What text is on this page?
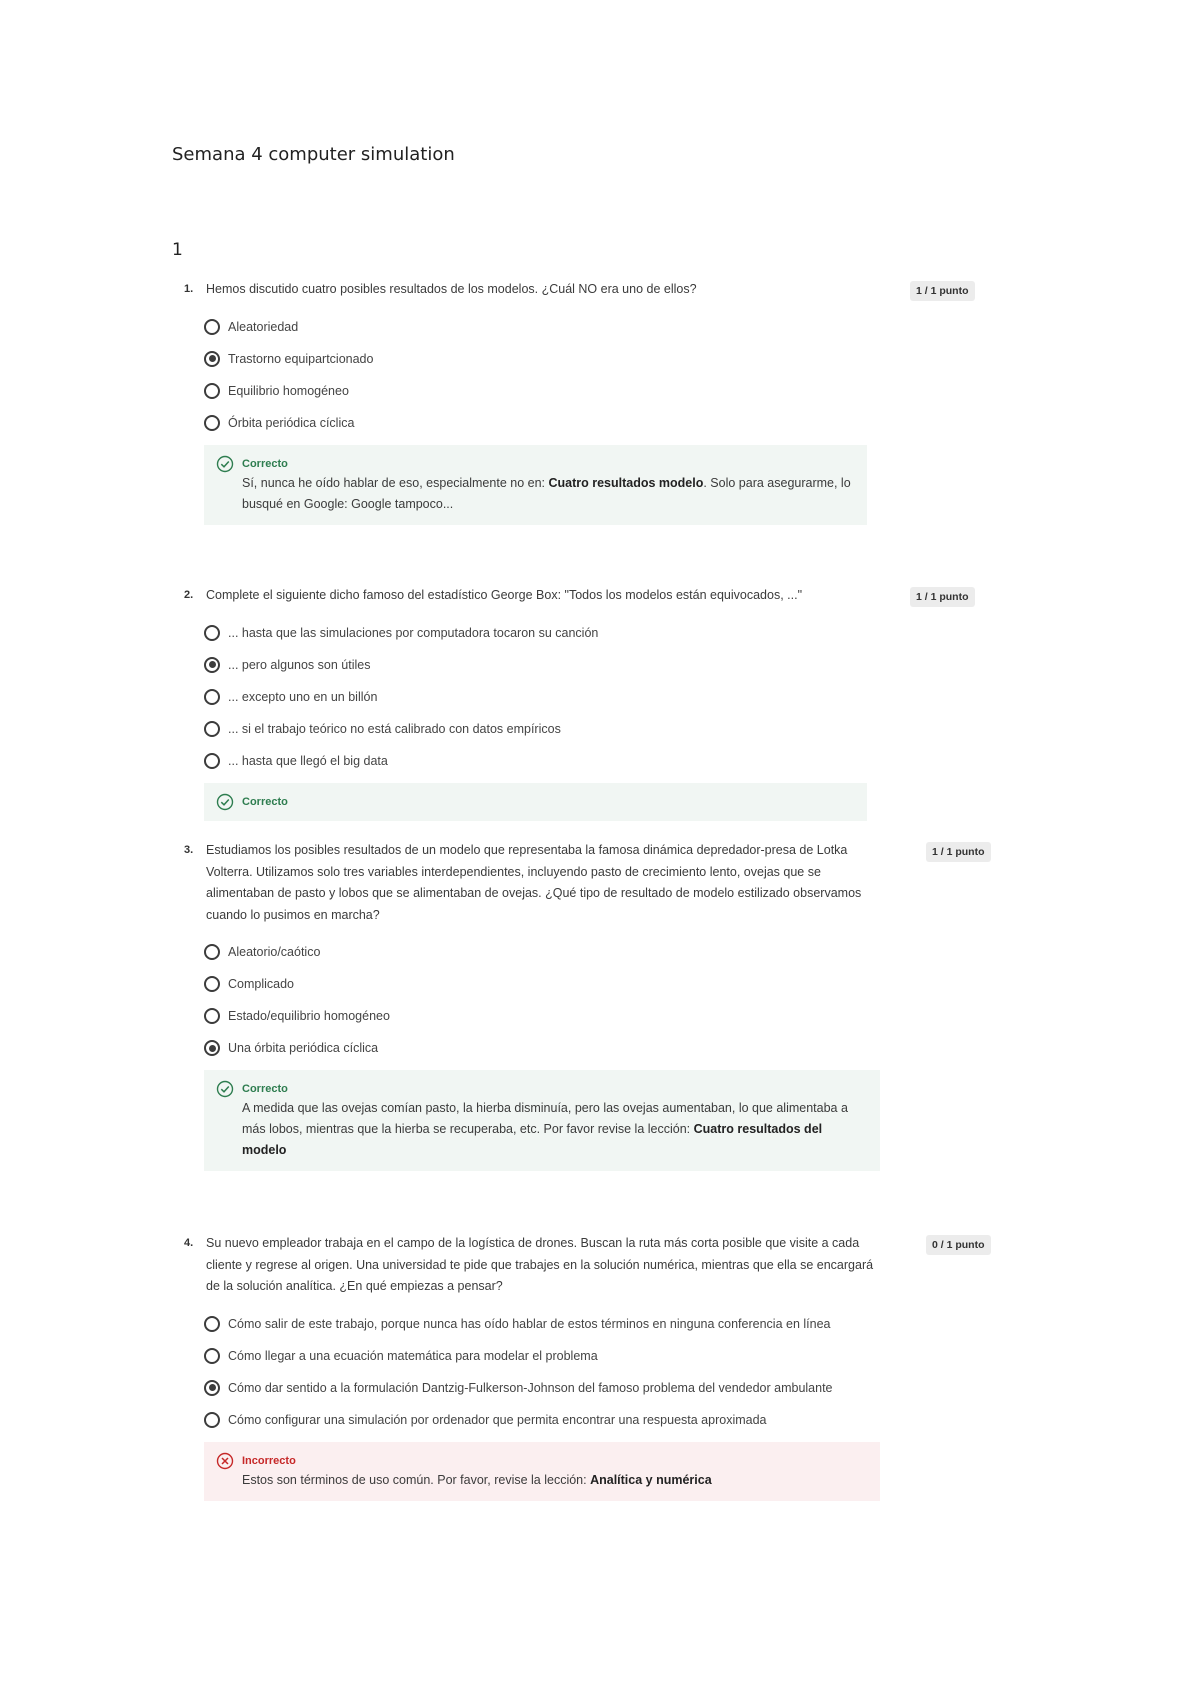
Semana 4 computer simulation
1
1.	Hemos discutido cuatro posibles resultados de los modelos. ¿Cuál NO era uno de ellos?	1 / 1 punto
Aleatoriedad
Trastorno equipartcionado
Equilibrio homogéneo
Órbita periódica cíclica
Correcto
Sí, nunca he oído hablar de eso, especialmente no en: Cuatro resultados modelo. Solo para asegurarme, lo busqué en Google: Google tampoco...
2.	Complete el siguiente dicho famoso del estadístico George Box: "Todos los modelos están equivocados, ..."	1 / 1 punto
... hasta que las simulaciones por computadora tocaron su canción
... pero algunos son útiles
... excepto uno en un billón
... si el trabajo teórico no está calibrado con datos empíricos
... hasta que llegó el big data
Correcto
3.	Estudiamos los posibles resultados de un modelo que representaba la famosa dinámica depredador-presa de Lotka Volterra. Utilizamos solo tres variables interdependientes, incluyendo pasto de crecimiento lento, ovejas que se alimentaban de pasto y lobos que se alimentaban de ovejas. ¿Qué tipo de resultado de modelo estilizado observamos cuando lo pusimos en marcha?
1 / 1 punto
Aleatorio/caótico
Complicado
Estado/equilibrio homogéneo
Una órbita periódica cíclica
Correcto
A medida que las ovejas comían pasto, la hierba disminuía, pero las ovejas aumentaban, lo que alimentaba a más lobos, mientras que la hierba se recuperaba, etc. Por favor revise la lección: Cuatro resultados del modelo
4.	Su nuevo empleador trabaja en el campo de la logística de drones. Buscan la ruta más corta posible que visite a cada cliente y regrese al origen. Una universidad te pide que trabajes en la solución numérica, mientras que ella se encargará de la solución analítica. ¿En qué empiezas a pensar?
0 / 1 punto
Cómo salir de este trabajo, porque nunca has oído hablar de estos términos en ninguna conferencia en línea
Cómo llegar a una ecuación matemática para modelar el problema
Cómo dar sentido a la formulación Dantzig-Fulkerson-Johnson del famoso problema del vendedor ambulante
Cómo configurar una simulación por ordenador que permita encontrar una respuesta aproximada
Incorrecto
Estos son términos de uso común. Por favor, revise la lección: Analítica y numérica
